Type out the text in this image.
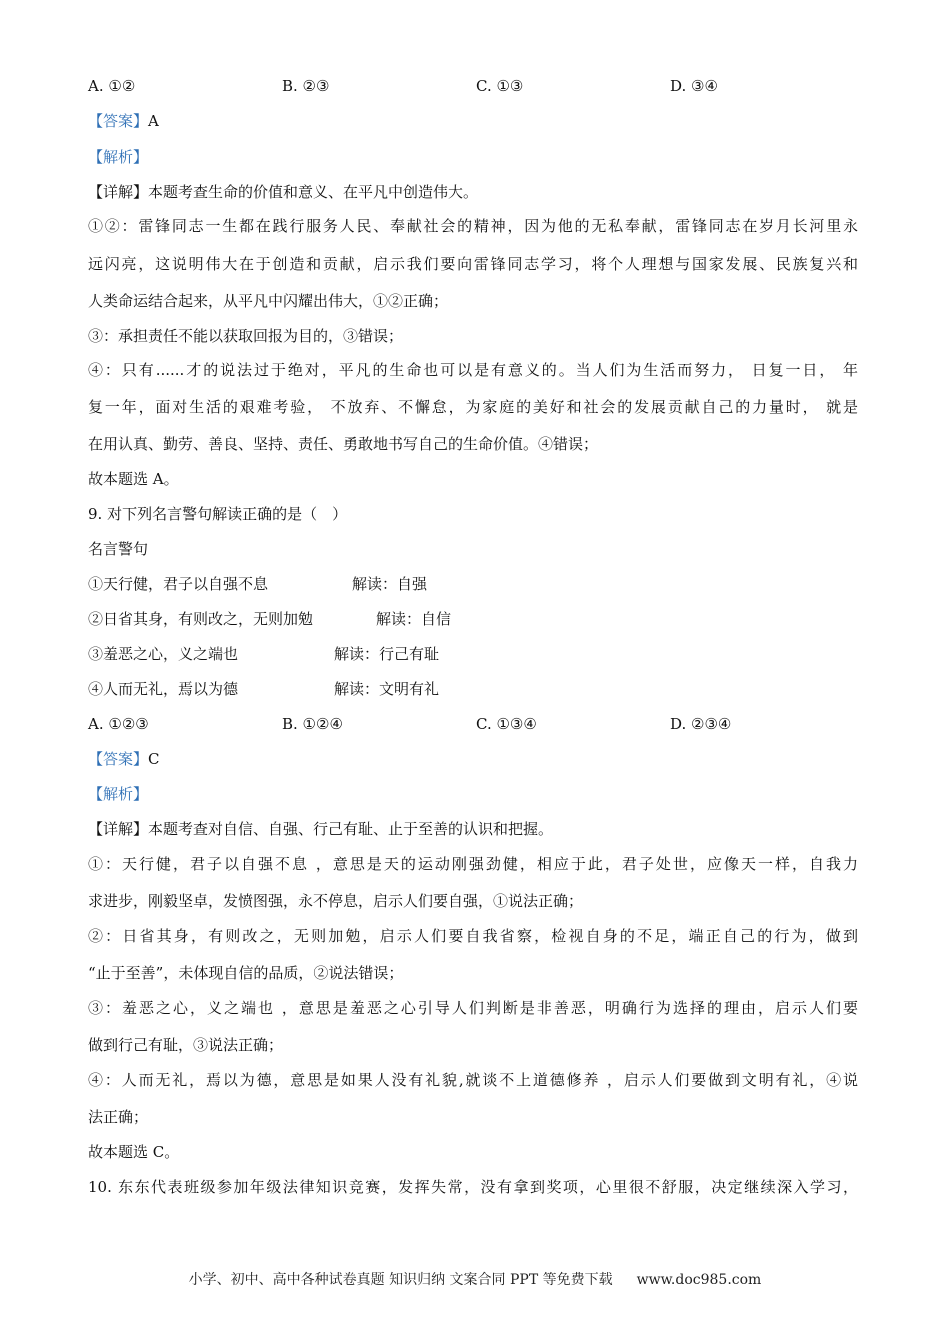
A. ①②	B. ②③	C. ①③	D. ③④
【答案】A
【解析】
【详解】本题考查生命的价值和意义、在平凡中创造伟大。
①②：雷锋同志一生都在践行服务人民、奉献社会的精神，因为他的无私奉献，雷锋同志在岁月长河里永
远闪亮，这说明伟大在于创造和贡献，启示我们要向雷锋同志学习，将个人理想与国家发展、民族复兴和
人类命运结合起来，从平凡中闪耀出伟大，①②正确；
③：承担责任不能以获取回报为目的，③错误；
④：只有......才的说法过于绝对，平凡的生命也可以是有意义的。当人们为生活而努力， 日复一日， 年
复一年，面对生活的艰难考验， 不放弃、不懈怠，为家庭的美好和社会的发展贡献自己的力量时， 就是
在用认真、勤劳、善良、坚持、责任、勇敢地书写自己的生命价值。④错误；
故本题选 A。
9. 对下列名言警句解读正确的是（　）
名言警句
①天行健，君子以自强不息	解读：自强
②日省其身，有则改之，无则加勉	解读：自信
③羞恶之心，义之端也	解读：行己有耻
④人而无礼，焉以为德	解读：文明有礼
A. ①②③	B. ①②④	C. ①③④	D. ②③④
【答案】C
【解析】
【详解】本题考查对自信、自强、行己有耻、止于至善的认识和把握。
①：天行健，君子以自强不息 ，意思是天的运动刚强劲健，相应于此，君子处世，应像天一样，自我力
求进步，刚毅坚卓，发愤图强，永不停息，启示人们要自强，①说法正确；
②：日省其身，有则改之，无则加勉，启示人们要自我省察，检视自身的不足，端正自己的行为，做到
“止于至善”，未体现自信的品质，②说法错误；
③：羞恶之心，义之端也 ，意思是羞恶之心引导人们判断是非善恶，明确行为选择的理由，启示人们要
做到行己有耻，③说法正确；
④：人而无礼，焉以为德，意思是如果人没有礼貌,就谈不上道德修养 ，启示人们要做到文明有礼，④说
法正确；
故本题选 C。
10. 东东代表班级参加年级法律知识竞赛，发挥失常，没有拿到奖项，心里很不舒服，决定继续深入学习，
小学、初中、高中各种试卷真题 知识归纳 文案合同 PPT 等免费下载 www.doc985.com
